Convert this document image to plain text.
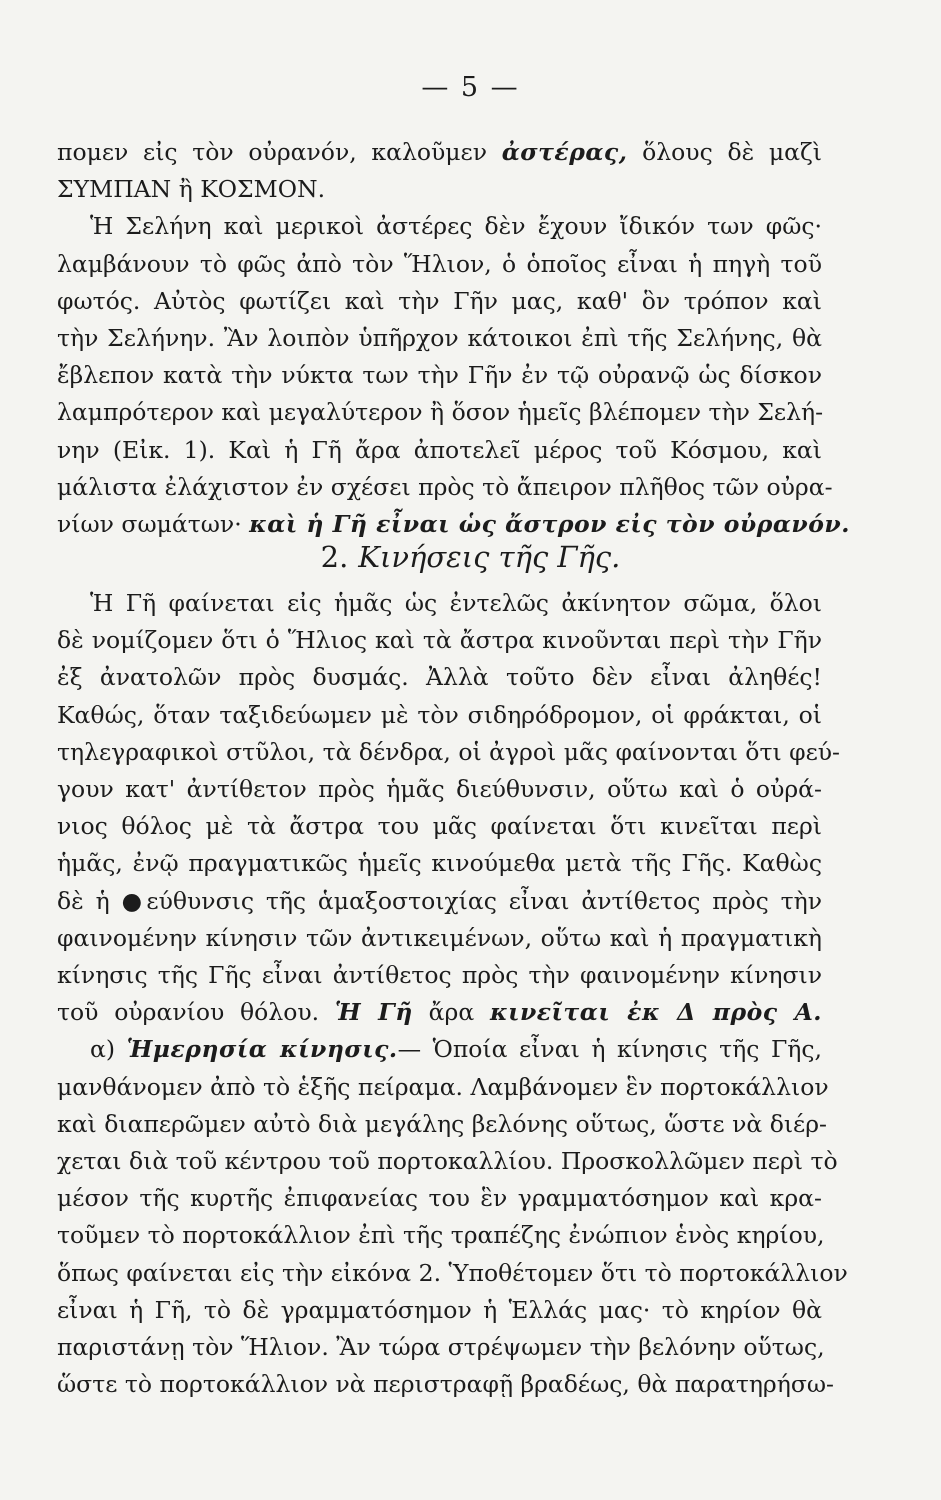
— 5 —
πομεν εἰς τὸν οὐρανόν, καλοῦμεν ἀστέρας, ὅλους δὲ μαζὶ
ΣΥΜΠΑΝ ἢ ΚΟΣΜΟΝ.
Ἡ Σελήνη καὶ μερικοὶ ἀστέρες δὲν ἔχουν ἴδικόν των φῶς·
λαμβάνουν τὸ φῶς ἀπὸ τὸν Ἥλιον, ὁ ὁποῖος εἶναι ἡ πηγὴ τοῦ
φωτός. Αὐτὸς φωτίζει καὶ τὴν Γῆν μας, καθ' ὃν τρόπον καὶ
τὴν Σελήνην. Ἂν λοιπὸν ὑπῆρχον κάτοικοι ἐπὶ τῆς Σελήνης, θὰ
ἔβλεπον κατὰ τὴν νύκτα των τὴν Γῆν ἐν τῷ οὐρανῷ ὡς δίσκον
λαμπρότερον καὶ μεγαλύτερον ἢ ὅσον ἡμεῖς βλέπομεν τὴν Σελή-
νην (Εἰκ. 1). Καὶ ἡ Γῆ ἄρα ἀποτελεῖ μέρος τοῦ Κόσμου, καὶ
μάλιστα ἐλάχιστον ἐν σχέσει πρὸς τὸ ἄπειρον πλῆθος τῶν οὐρα-
νίων σωμάτων· καὶ ἡ Γῆ εἶναι ὡς ἄστρον εἰς τὸν οὐρανόν.
2. Κινήσεις τῆς Γῆς.
Ἡ Γῆ φαίνεται εἰς ἡμᾶς ὡς ἐντελῶς ἀκίνητον σῶμα, ὅλοι
δὲ νομίζομεν ὅτι ὁ Ἥλιος καὶ τὰ ἄστρα κινοῦνται περὶ τὴν Γῆν
ἐξ ἀνατολῶν πρὸς δυσμάς. Ἀλλὰ τοῦτο δὲν εἶναι ἀληθές!
Καθώς, ὅταν ταξιδεύωμεν μὲ τὸν σιδηρόδρομον, οἱ φράκται, οἱ
τηλεγραφικοὶ στῦλοι, τὰ δένδρα, οἱ ἀγροὶ μᾶς φαίνονται ὅτι φεύ-
γουν κατ' ἀντίθετον πρὸς ἡμᾶς διεύθυνσιν, οὕτω καὶ ὁ οὐρά-
νιος θόλος μὲ τὰ ἄστρα του μᾶς φαίνεται ὅτι κινεῖται περὶ
ἡμᾶς, ἐνῷ πραγματικῶς ἡμεῖς κινούμεθα μετὰ τῆς Γῆς. Καθὼς
δὲ ἡ ●εύθυνσις τῆς ἁμαξοστοιχίας εἶναι ἀντίθετος πρὸς τὴν
φαινομένην κίνησιν τῶν ἀντικειμένων, οὕτω καὶ ἡ πραγματικὴ
κίνησις τῆς Γῆς εἶναι ἀντίθετος πρὸς τὴν φαινομένην κίνησιν
τοῦ οὐρανίου θόλου. Ἡ Γῆ ἄρα κινεῖται ἐκ Δ πρὸς Α.
α) Ἡμερησία κίνησις.— Ὁποία εἶναι ἡ κίνησις τῆς Γῆς,
μανθάνομεν ἀπὸ τὸ ἑξῆς πείραμα. Λαμβάνομεν ἓν πορτοκάλλιον
καὶ διαπερῶμεν αὐτὸ διὰ μεγάλης βελόνης οὕτως, ὥστε νὰ διέρ-
χεται διὰ τοῦ κέντρου τοῦ πορτοκαλλίου. Προσκολλῶμεν περὶ τὸ
μέσον τῆς κυρτῆς ἐπιφανείας του ἓν γραμματόσημον καὶ κρα-
τοῦμεν τὸ πορτοκάλλιον ἐπὶ τῆς τραπέζης ἐνώπιον ἑνὸς κηρίου,
ὅπως φαίνεται εἰς τὴν εἰκόνα 2. Ὑποθέτομεν ὅτι τὸ πορτοκάλλιον
εἶναι ἡ Γῆ, τὸ δὲ γραμματόσημον ἡ Ἑλλάς μας· τὸ κηρίον θὰ
παριστάνῃ τὸν Ἥλιον. Ἂν τώρα στρέψωμεν τὴν βελόνην οὕτως,
ὥστε τὸ πορτοκάλλιον νὰ περιστραφῇ βραδέως, θὰ παρατηρήσω-
